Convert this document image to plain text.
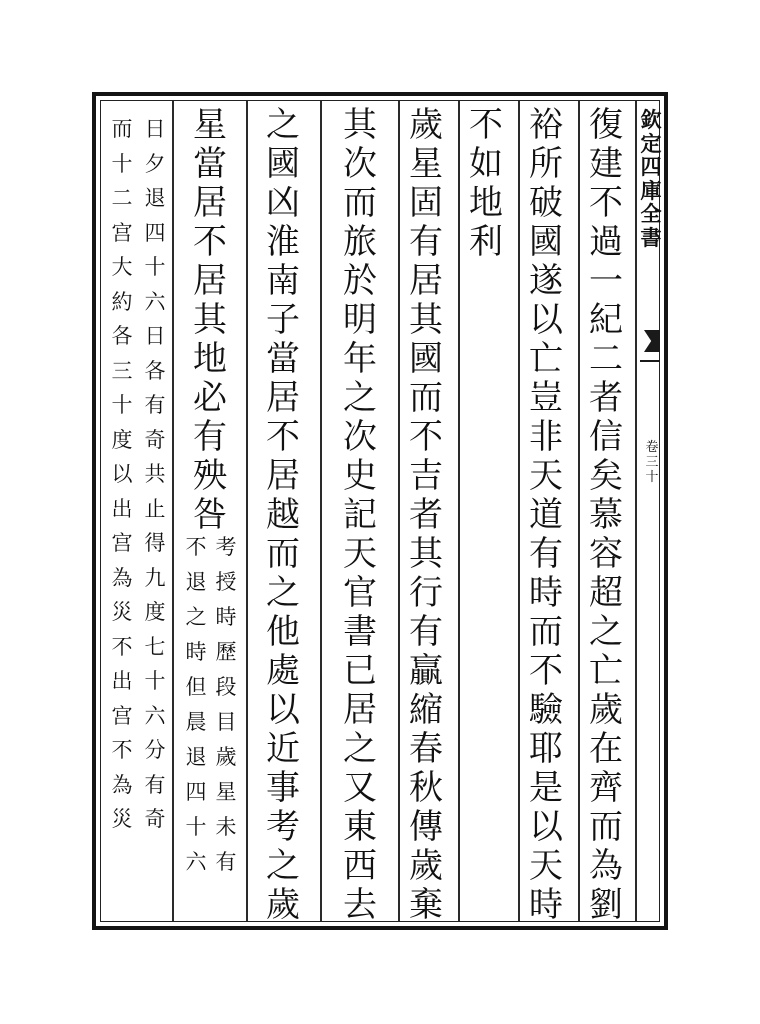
欽定四庫全書
卷三十
復建不過一紀二者信矣慕容超之亡歲在齊而為劉
裕所破國遂以亡豈非天道有時而不驗耶是以天時
不如地利
歲星固有居其國而不吉者其行有贏縮春秋傳歲棄
其次而旅於明年之次史記天官書已居之又東西去
之國凶淮南子當居不居越而之他處以近事考之歲
星當居不居其地必有殃咎
考授時歷段目歲星未有
不退之時但晨退四十六
日夕退四十六日各有奇共止得九度七十六分有奇
而十二宫大約各三十度以出宫為災不出宫不為災
